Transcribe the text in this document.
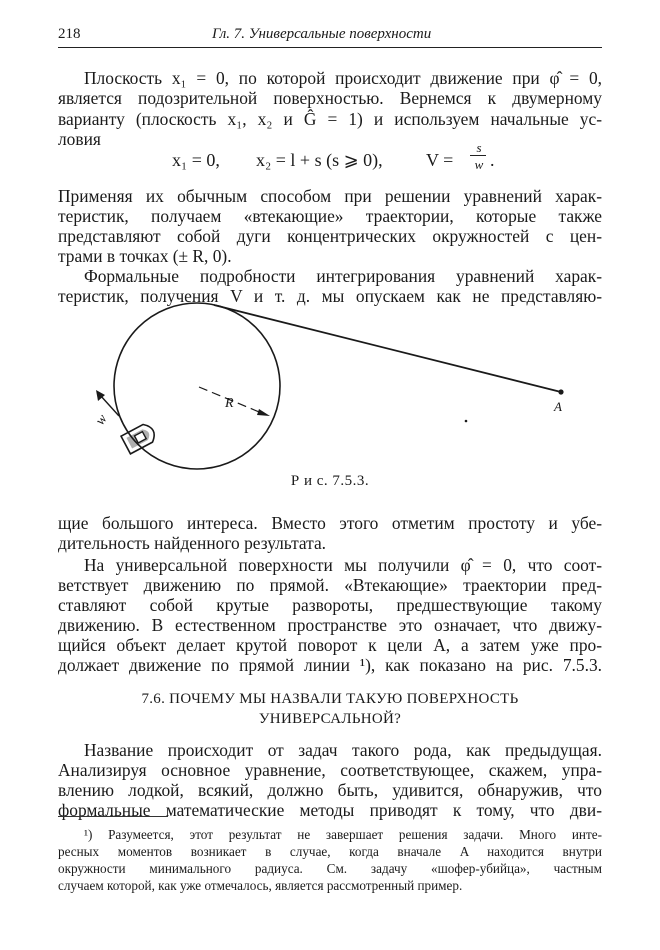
218	Гл. 7. Универсальные поверхности
Плоскость x₁ = 0, по которой происходит движение при φ̂ = 0,
является подозрительной поверхностью. Вернемся к двумерному
варианту (плоскость x₁, x₂ и Ĝ = 1) и используем начальные ус-
ловия
x₁ = 0, x₂ = l + s (s ⩾ 0), V =
s
w .
Применяя их обычным способом при решении уравнений харак-
теристик, получаем «втекающие» траектории, которые также
представляют собой дуги концентрических окружностей с цен-
трами в точках (± R, 0).
Формальные подробности интегрирования уравнений харак-
теристик, получения V и т. д. мы опускаем как не представляю-
A
R
w
Р и с. 7.5.3.
щие большого интереса. Вместо этого отметим простоту и убе-
дительность найденного результата.
На универсальной поверхности мы получили φ̂ = 0, что соот-
ветствует движению по прямой. «Втекающие» траектории пред-
ставляют собой крутые развороты, предшествующие такому
движению. В естественном пространстве это означает, что движу-
щийся объект делает крутой поворот к цели A, а затем уже про-
должает движение по прямой линии ¹), как показано на рис. 7.5.3.
7.6. ПОЧЕМУ МЫ НАЗВАЛИ ТАКУЮ ПОВЕРХНОСТЬ
УНИВЕРСАЛЬНОЙ?
Название происходит от задач такого рода, как предыдущая.
Анализируя основное уравнение, соответствующее, скажем, упра-
влению лодкой, всякий, должно быть, удивится, обнаружив, что
формальные математические методы приводят к тому, что дви-
¹) Разумеется, этот результат не завершает решения задачи. Много инте-
ресных моментов возникает в случае, когда вначале A находится внутри
окружности минимального радиуса. См. задачу «шофер-убийца», частным
случаем которой, как уже отмечалось, является рассмотренный пример.
